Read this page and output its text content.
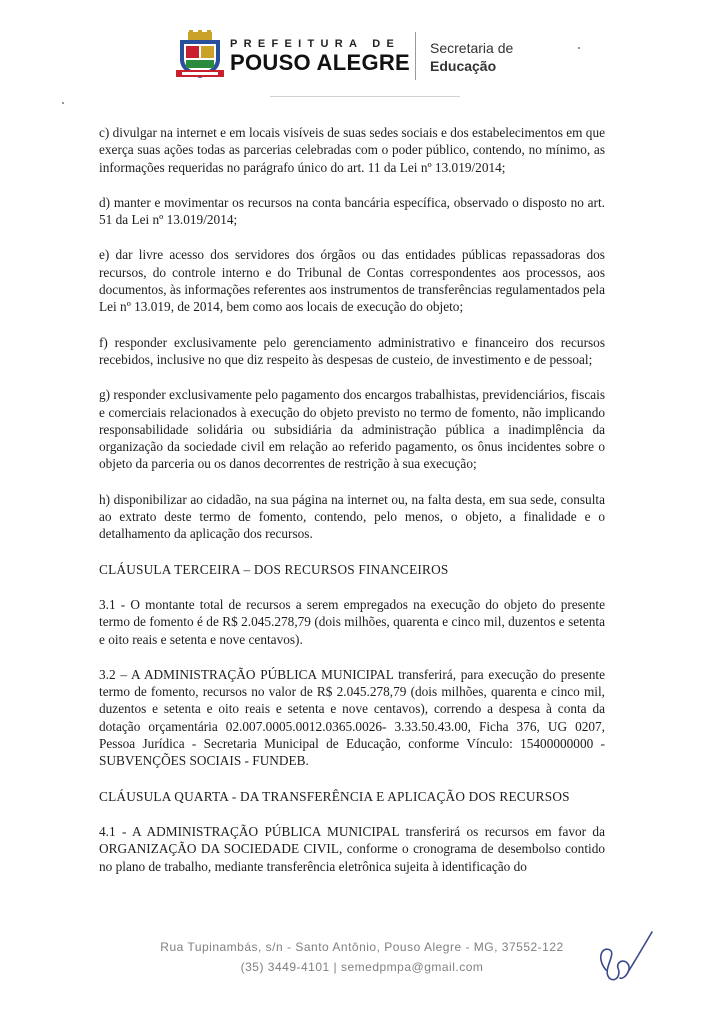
PREFEITURA DE
POUSO ALEGRE
Secretaria de
Educação

c) divulgar na internet e em locais visíveis de suas sedes sociais e dos estabelecimentos em que exerça suas ações todas as parcerias celebradas com o poder público, contendo, no mínimo, as informações requeridas no parágrafo único do art. 11 da Lei nº 13.019/2014;

d) manter e movimentar os recursos na conta bancária específica, observado o disposto no art. 51 da Lei nº 13.019/2014;

e) dar livre acesso dos servidores dos órgãos ou das entidades públicas repassadoras dos recursos, do controle interno e do Tribunal de Contas correspondentes aos processos, aos documentos, às informações referentes aos instrumentos de transferências regulamentados pela Lei nº 13.019, de 2014, bem como aos locais de execução do objeto;

f) responder exclusivamente pelo gerenciamento administrativo e financeiro dos recursos recebidos, inclusive no que diz respeito às despesas de custeio, de investimento e de pessoal;

g) responder exclusivamente pelo pagamento dos encargos trabalhistas, previdenciários, fiscais e comerciais relacionados à execução do objeto previsto no termo de fomento, não implicando responsabilidade solidária ou subsidiária da administração pública a inadimplência da organização da sociedade civil em relação ao referido pagamento, os ônus incidentes sobre o objeto da parceria ou os danos decorrentes de restrição à sua execução;

h) disponibilizar ao cidadão, na sua página na internet ou, na falta desta, em sua sede, consulta ao extrato deste termo de fomento, contendo, pelo menos, o objeto, a finalidade e o detalhamento da aplicação dos recursos.

CLÁUSULA TERCEIRA – DOS RECURSOS FINANCEIROS

3.1 - O montante total de recursos a serem empregados na execução do objeto do presente termo de fomento é de R$ 2.045.278,79 (dois milhões, quarenta e cinco mil, duzentos e setenta e oito reais e setenta e nove centavos).

3.2 – A ADMINISTRAÇÃO PÚBLICA MUNICIPAL transferirá, para execução do presente termo de fomento, recursos no valor de R$ 2.045.278,79 (dois milhões, quarenta e cinco mil, duzentos e setenta e oito reais e setenta e nove centavos), correndo a despesa à conta da dotação orçamentária 02.007.0005.0012.0365.0026- 3.33.50.43.00, Ficha 376, UG 0207, Pessoa Jurídica - Secretaria Municipal de Educação, conforme Vínculo: 15400000000 - SUBVENÇÕES SOCIAIS - FUNDEB.

CLÁUSULA QUARTA - DA TRANSFERÊNCIA E APLICAÇÃO DOS RECURSOS

4.1 - A ADMINISTRAÇÃO PÚBLICA MUNICIPAL transferirá os recursos em favor da ORGANIZAÇÃO DA SOCIEDADE CIVIL, conforme o cronograma de desembolso contido no plano de trabalho, mediante transferência eletrônica sujeita à identificação do

Rua Tupinambás, s/n - Santo Antônio, Pouso Alegre - MG, 37552-122
(35) 3449-4101 | semedpmpa@gmail.com
